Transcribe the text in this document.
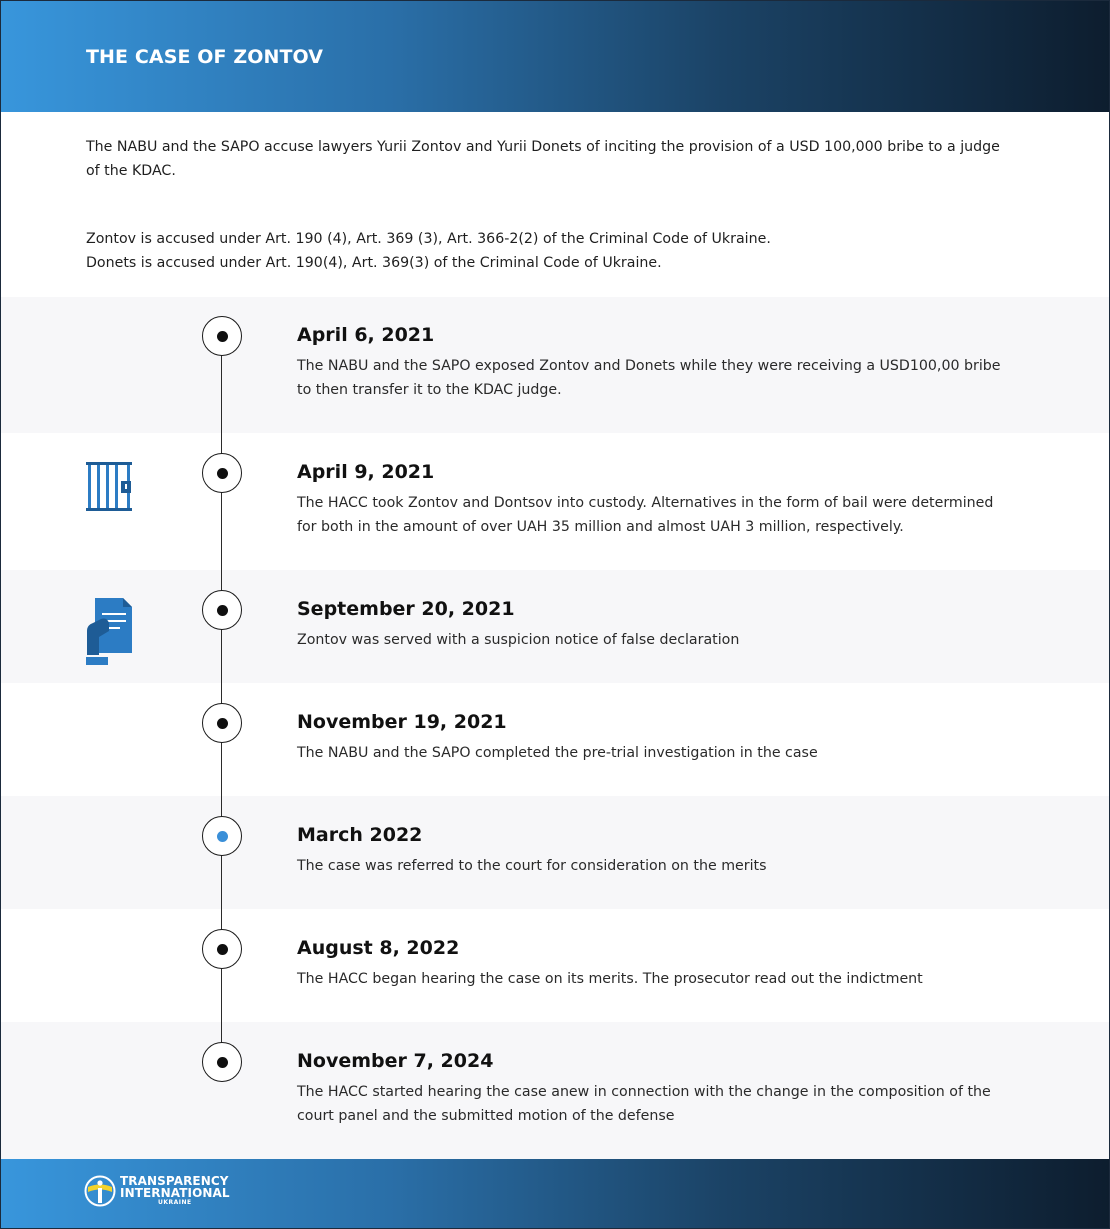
THE CASE OF ZONTOV
The NABU and the SAPO accuse lawyers Yurii Zontov and Yurii Donets of inciting the provision of a USD 100,000 bribe to a judge of the KDAC.
Zontov is accused under Art. 190 (4), Art. 369 (3), Art. 366-2(2) of the Criminal Code of Ukraine.
Donets is accused under Art. 190(4), Art. 369(3) of the Criminal Code of Ukraine.
April 6, 2021
The NABU and the SAPO exposed Zontov and Donets while they were receiving a USD100,00 bribe to then transfer it to the KDAC judge.
April 9, 2021
The HACC took Zontov and Dontsov into custody. Alternatives in the form of bail were determined for both in the amount of over UAH 35 million and almost UAH 3 million, respectively.
September 20, 2021
Zontov was served with a suspicion notice of false declaration
November 19, 2021
The NABU and the SAPO completed the pre-trial investigation in the case
March 2022
The case was referred to the court for consideration on the merits
August 8, 2022
The HACC began hearing the case on its merits. The prosecutor read out the indictment
November 7, 2024
The HACC started hearing the case anew in connection with the change in the composition of the court panel and the submitted motion of the defense
TRANSPARENCY
INTERNATIONAL
UKRAINE
